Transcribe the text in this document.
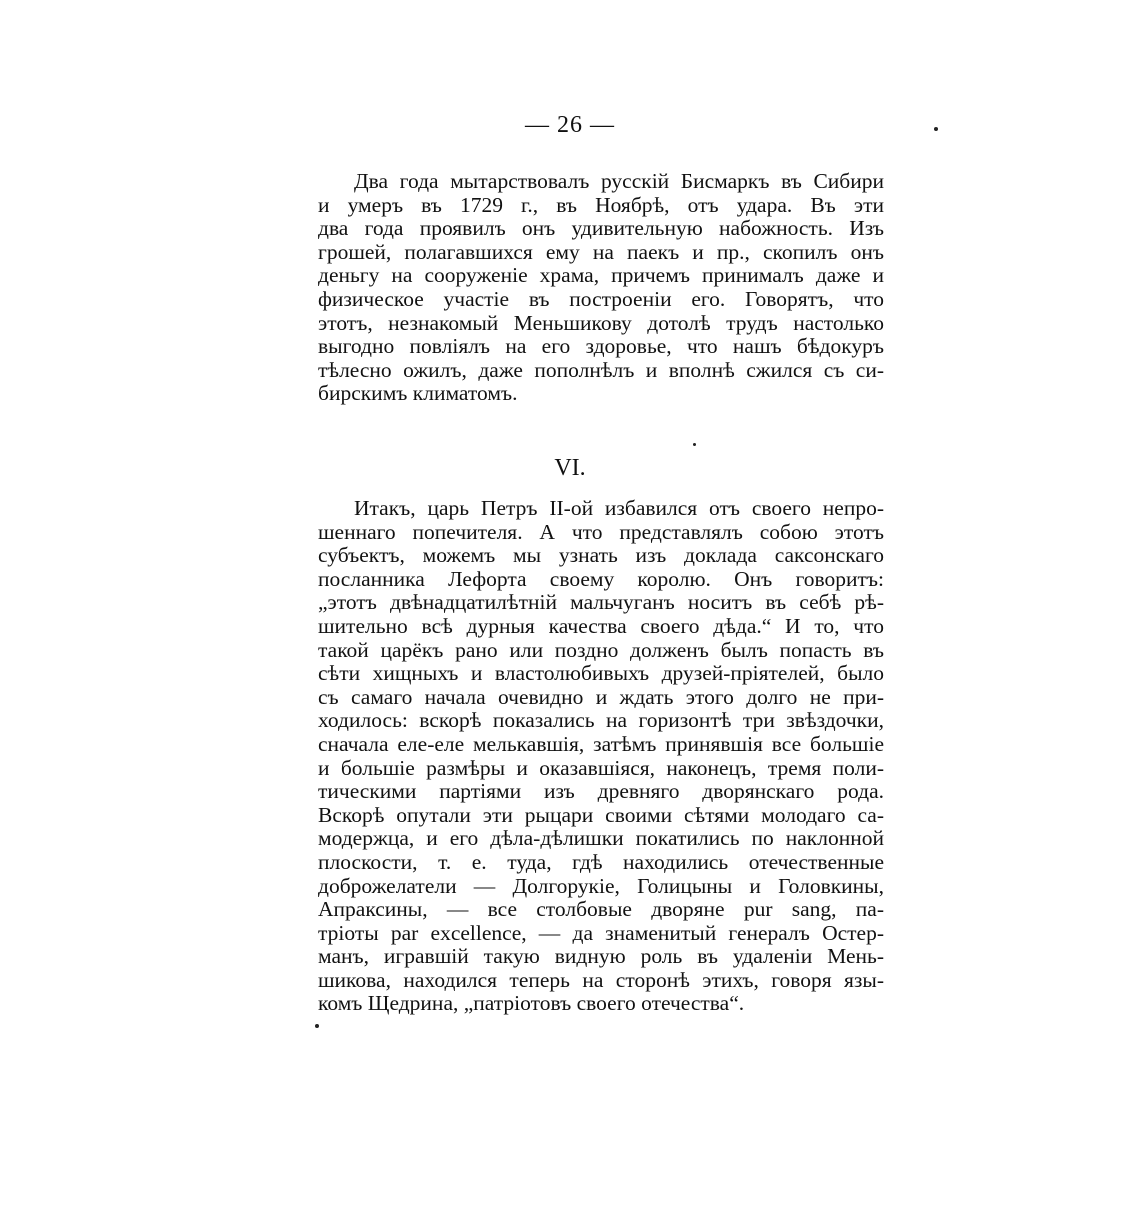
— 26 —
Два года мытарствовалъ русскій Бисмаркъ въ Сибири
и умеръ въ 1729 г., въ Ноябрѣ, отъ удара. Въ эти
два года проявилъ онъ удивительную набожность. Изъ
грошей, полагавшихся ему на паекъ и пр., скопилъ онъ
деньгу на сооруженіе храма, причемъ принималъ даже и
физическое участіе въ построеніи его. Говорятъ, что
этотъ, незнакомый Меньшикову дотолѣ трудъ настолько
выгодно повліялъ на его здоровье, что нашъ бѣдокуръ
тѣлесно ожилъ, даже пополнѣлъ и вполнѣ сжился съ си-
бирскимъ климатомъ.
VI.
Итакъ, царь Петръ II-ой избавился отъ своего непро-
шеннаго попечителя. А что представлялъ собою этотъ
субъектъ, можемъ мы узнать изъ доклада саксонскаго
посланника Лефорта своему королю. Онъ говоритъ:
„этотъ двѣнадцатилѣтній мальчуганъ носитъ въ себѣ рѣ-
шительно всѣ дурныя качества своего дѣда.“ И то, что
такой царёкъ рано или поздно долженъ былъ попасть въ
сѣти хищныхъ и властолюбивыхъ друзей-пріятелей, было
съ самаго начала очевидно и ждать этого долго не при-
ходилось: вскорѣ показались на горизонтѣ три звѣздочки,
сначала еле-еле мелькавшія, затѣмъ принявшія все большіе
и большіе размѣры и оказавшіяся, наконецъ, тремя поли-
тическими партіями изъ древняго дворянскаго рода.
Вскорѣ опутали эти рыцари своими сѣтями молодаго са-
модержца, и его дѣла-дѣлишки покатились по наклонной
плоскости, т. е. туда, гдѣ находились отечественные
доброжелатели — Долгорукіе, Голицыны и Головкины,
Апраксины, — все столбовые дворяне pur sang, па-
тріоты par excellence, — да знаменитый генералъ Остер-
манъ, игравшій такую видную роль въ удаленіи Мень-
шикова, находился теперь на сторонѣ этихъ, говоря язы-
комъ Щедрина, „патріотовъ своего отечества“.
